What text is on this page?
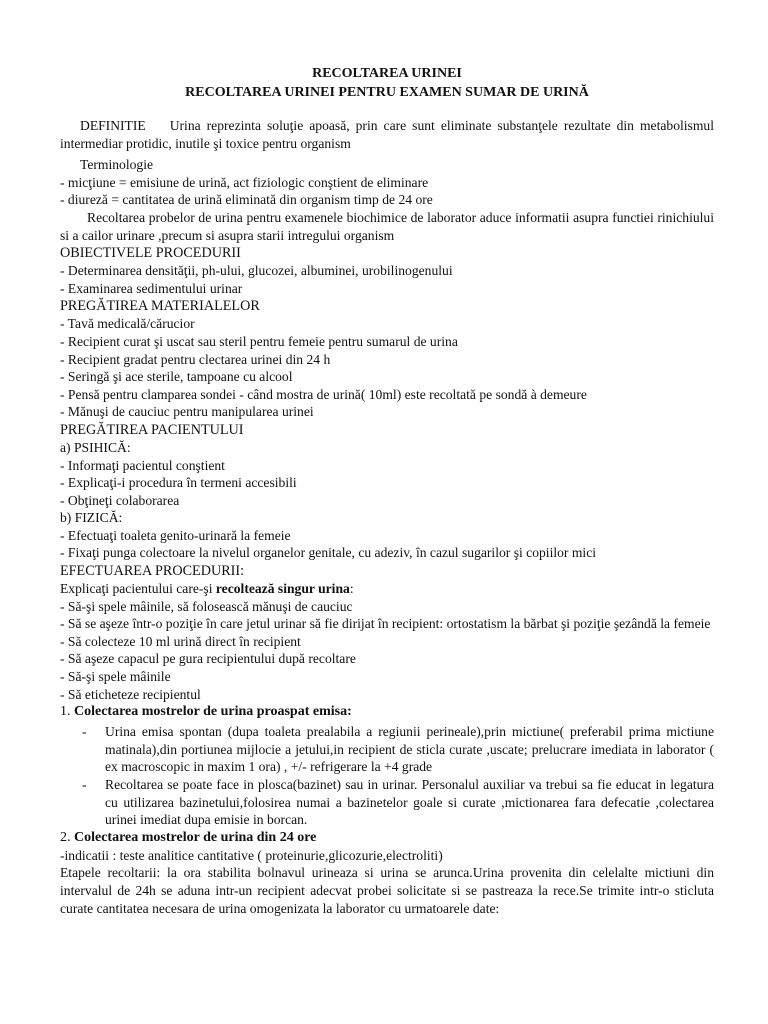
RECOLTAREA URINEI
RECOLTAREA URINEI PENTRU EXAMEN SUMAR DE URINĂ
DEFINITIE Urina reprezinta soluţie apoasă, prin care sunt eliminate substanţele rezultate din metabolismul intermediar protidic, inutile şi toxice pentru organism
Terminologie
- micţiune = emisiune de urină, act fiziologic conştient de eliminare
- diureză = cantitatea de urină eliminată din organism timp de 24 ore
Recoltarea probelor de urina pentru examenele biochimice de laborator aduce informatii asupra functiei rinichiului si a cailor urinare ,precum si asupra starii intregului organism
OBIECTIVELE PROCEDURII
- Determinarea densităţii, ph-ului, glucozei, albuminei, urobilinogenului
- Examinarea sedimentului urinar
PREGĂTIREA MATERIALELOR
- Tavă medicală/cărucior
- Recipient curat şi uscat sau steril pentru femeie pentru sumarul de urina
- Recipient gradat pentru clectarea urinei din 24 h
- Seringă şi ace sterile, tampoane cu alcool
- Pensă pentru clamparea sondei - când mostra de urină( 10ml) este recoltată pe sondă à demeure
- Mănuşi de cauciuc pentru manipularea urinei
PREGĂTIREA PACIENTULUI
a) PSIHICĂ:
- Informaţi pacientul conştient
- Explicaţi-i procedura în termeni accesibili
- Obţineţi colaborarea
b) FIZICĂ:
- Efectuaţi toaleta genito-urinară la femeie
- Fixaţi punga colectoare la nivelul organelor genitale, cu adeziv, în cazul sugarilor şi copiilor mici
EFECTUAREA PROCEDURII:
Explicaţi pacientului care-şi recoltează singur urina:
- Să-şi spele mâinile, să folosească mănuşi de cauciuc
- Să se aşeze într-o poziţie în care jetul urinar să fie dirijat în recipient: ortostatism la bărbat şi poziţie şezândă la femeie
- Să colecteze 10 ml urină direct în recipient
- Să aşeze capacul pe gura recipientului după recoltare
- Să-şi spele mâinile
- Să eticheteze recipientul
1. Colectarea mostrelor de urina proaspat emisa:
- Urina emisa spontan (dupa toaleta prealabila a regiunii perineale),prin mictiune( preferabil prima mictiune matinala),din portiunea mijlocie a jetului,in recipient de sticla curate ,uscate; prelucrare imediata in laborator ( ex macroscopic in maxim 1 ora) , +/- refrigerare la +4 grade
- Recoltarea se poate face in plosca(bazinet) sau in urinar. Personalul auxiliar va trebui sa fie educat in legatura cu utilizarea bazinetului,folosirea numai a bazinetelor goale si curate ,mictionarea fara defecatie ,colectarea urinei imediat dupa emisie in borcan.
2. Colectarea mostrelor de urina din 24 ore
-indicatii : teste analitice cantitative ( proteinurie,glicozurie,electroliti)
Etapele recoltarii: la ora stabilita bolnavul urineaza si urina se arunca.Urina provenita din celelalte mictiuni din intervalul de 24h se aduna intr-un recipient adecvat probei solicitate si se pastreaza la rece.Se trimite intr-o sticluta curate cantitatea necesara de urina omogenizata la laborator cu urmatoarele date:
